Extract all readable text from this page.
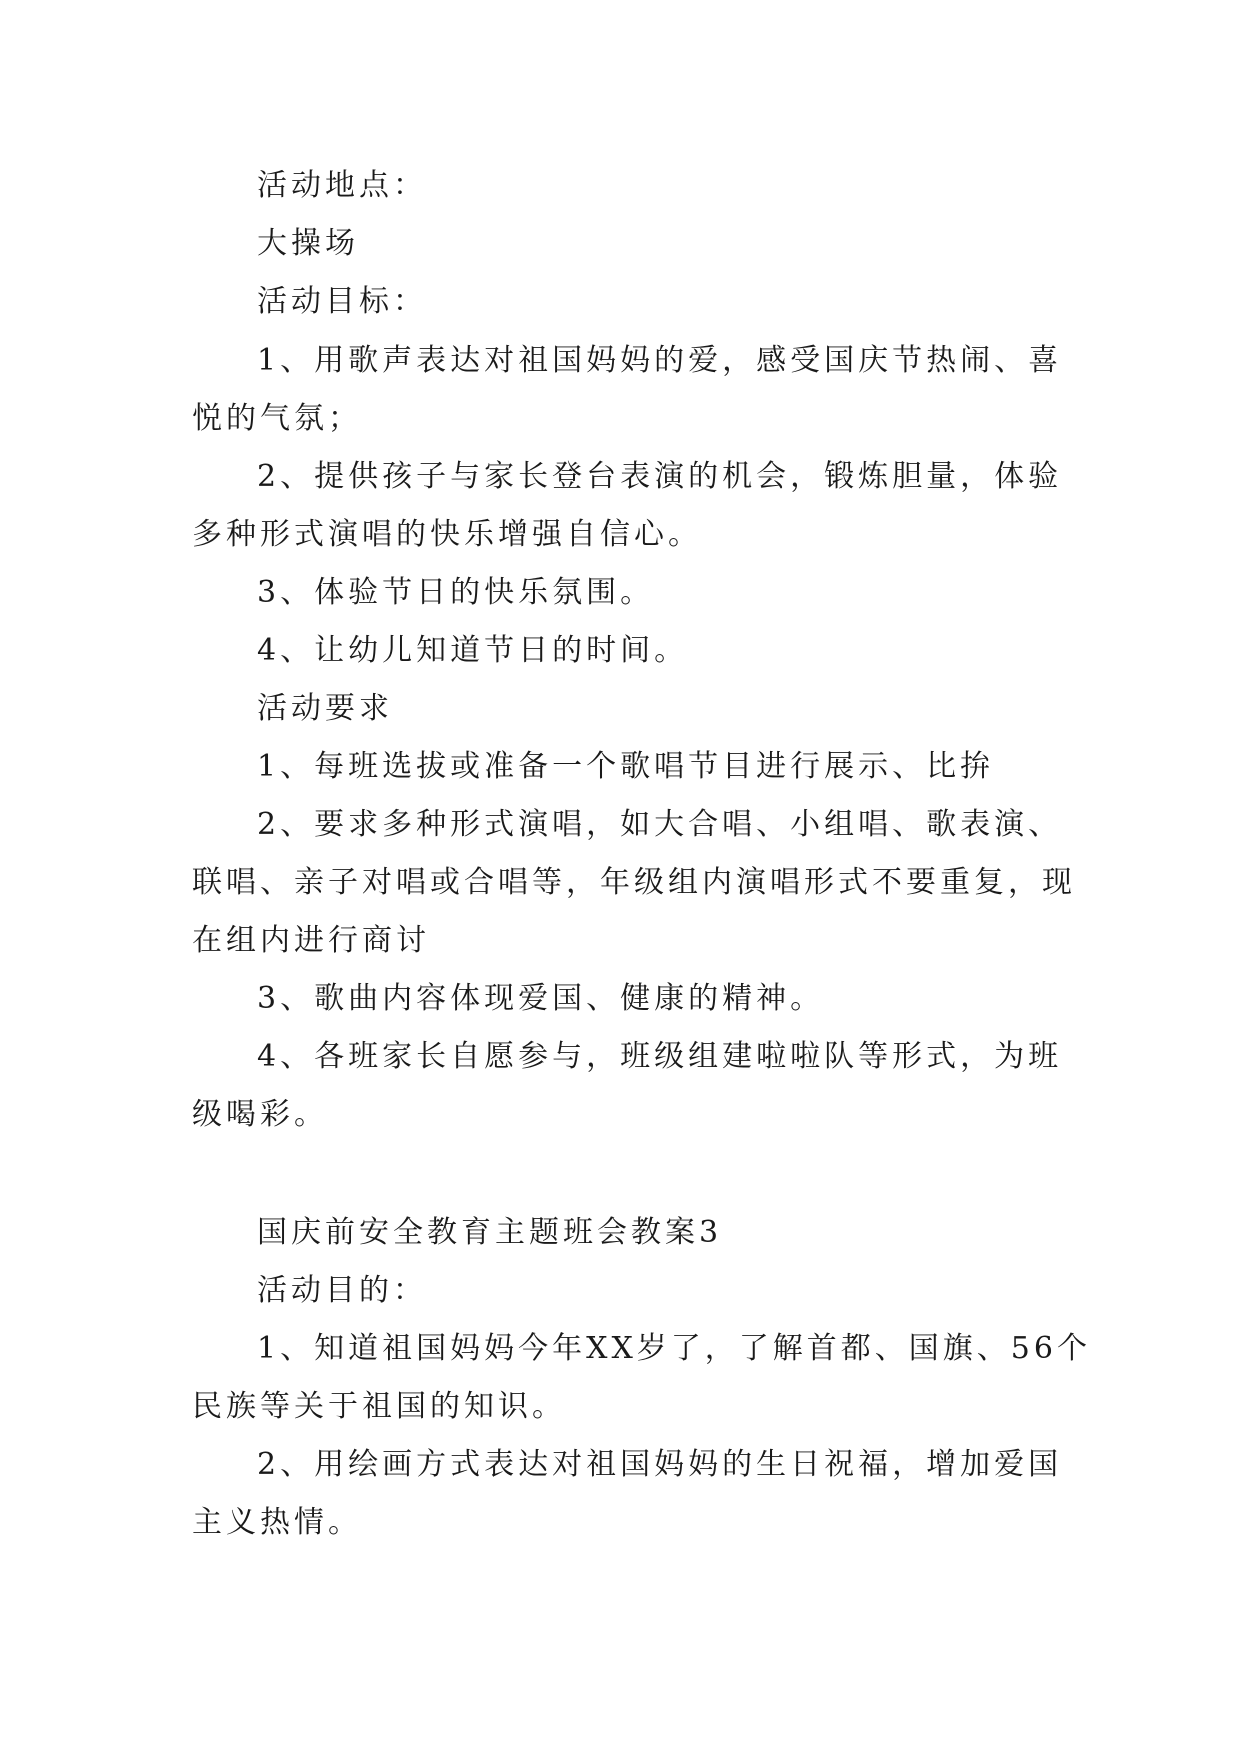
活动地点：

大操场

活动目标：

1、用歌声表达对祖国妈妈的爱，感受国庆节热闹、喜

悦的气氛；

2、提供孩子与家长登台表演的机会，锻炼胆量，体验

多种形式演唱的快乐增强自信心。

3、体验节日的快乐氛围。

4、让幼儿知道节日的时间。

活动要求

1、每班选拔或准备一个歌唱节目进行展示、比拚

2、要求多种形式演唱，如大合唱、小组唱、歌表演、

联唱、亲子对唱或合唱等，年级组内演唱形式不要重复，现

在组内进行商讨

3、歌曲内容体现爱国、健康的精神。

4、各班家长自愿参与，班级组建啦啦队等形式，为班

级喝彩。

国庆前安全教育主题班会教案3

活动目的：

1、知道祖国妈妈今年XX岁了，了解首都、国旗、56个

民族等关于祖国的知识。

2、用绘画方式表达对祖国妈妈的生日祝福，增加爱国

主义热情。
